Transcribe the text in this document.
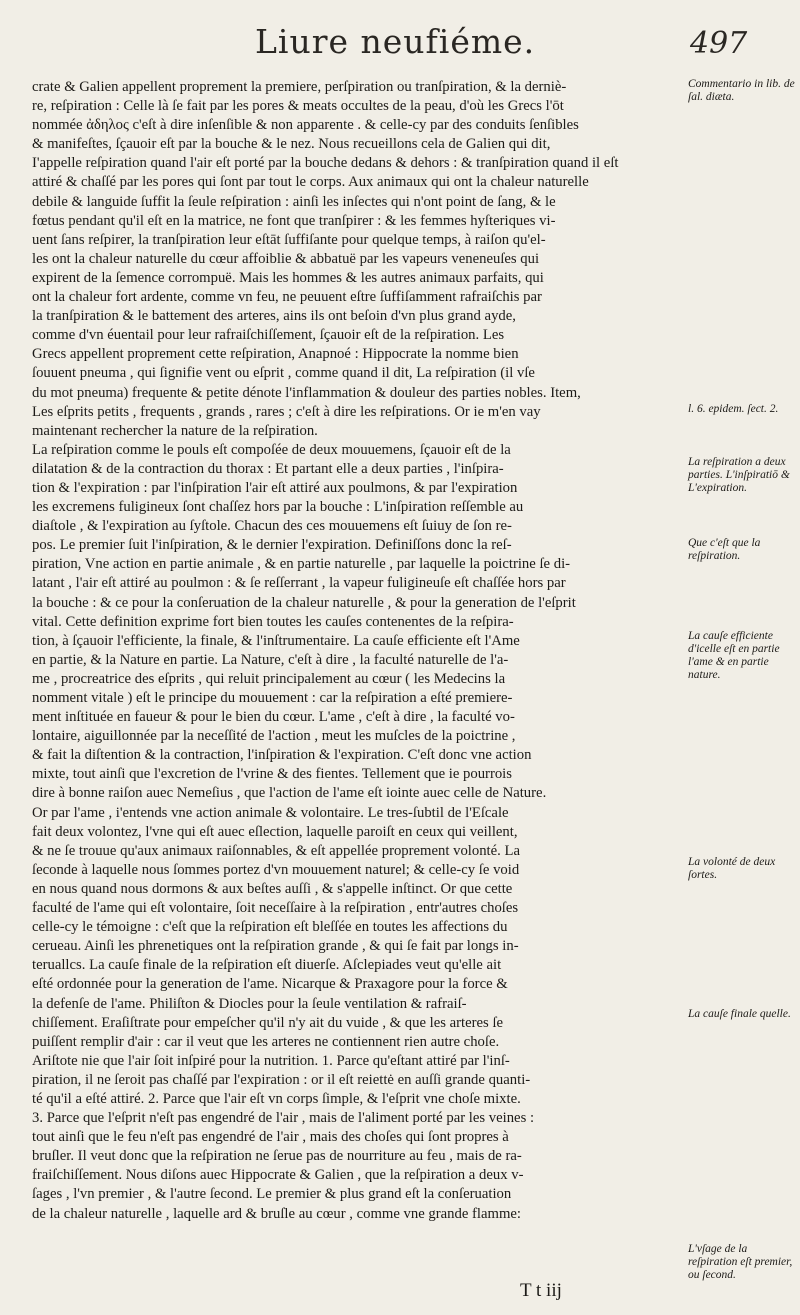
Liure neufiéme.	497
crate & Galien appellent proprement la premiere, perſpiration ou tranſpiration, & la derniè-
re, reſpiration : Celle là ſe fait par les pores & meats occultes de la peau, d'où les Grecs l'ōt
nommée ἀδηλος c'eſt à dire inſenſible & non apparente . & celle-cy par des conduits ſenſibles
& manifeſtes, ſçauoir eſt par la bouche & le nez. Nous recueillons cela de Galien qui dit,
I'appelle reſpiration quand l'air eſt porté par la bouche dedans & dehors : & tranſpiration quand il eſt
attiré & chaſſé par les pores qui ſont par tout le corps. Aux animaux qui ont la chaleur naturelle
debile & languide ſuffit la ſeule reſpiration : ainſi les inſectes qui n'ont point de ſang, & le
fœtus pendant qu'il eſt en la matrice, ne font que tranſpirer : & les femmes hyſteriques vi-
uent ſans reſpirer, la tranſpiration leur eſtāt ſuffiſante pour quelque temps, à raiſon qu'el-
les ont la chaleur naturelle du cœur affoiblie & abbatuë par les vapeurs veneneuſes qui
expirent de la ſemence corrompuë. Mais les hommes & les autres animaux parfaits, qui
ont la chaleur fort ardente, comme vn feu, ne peuuent eſtre ſuffiſamment rafraiſchis par
la tranſpiration & le battement des arteres, ains ils ont beſoin d'vn plus grand ayde,
comme d'vn éuentail pour leur rafraiſchiſſement, ſçauoir eſt de la reſpiration. Les
Grecs appellent proprement cette reſpiration, Anapnoé : Hippocrate la nomme bien
ſouuent pneuma , qui ſignifie vent ou eſprit , comme quand il dit, La reſpiration (il vſe
du mot pneuma) frequente & petite dénote l'inflammation & douleur des parties nobles. Item,
Les eſprits petits , frequents , grands , rares ; c'eſt à dire les reſpirations. Or ie m'en vay
maintenant rechercher la nature de la reſpiration.
La reſpiration comme le pouls eſt compoſée de deux mouuemens, ſçauoir eſt de la
dilatation & de la contraction du thorax : Et partant elle a deux parties , l'inſpira-
tion & l'expiration : par l'inſpiration l'air eſt attiré aux poulmons, & par l'expiration
les excremens fuligineux ſont chaſſez hors par la bouche : L'inſpiration reſſemble au
diaſtole , & l'expiration au ſyſtole. Chacun des ces mouuemens eſt ſuiuy de ſon re-
pos. Le premier ſuit l'inſpiration, & le dernier l'expiration. Definiſſons donc la reſ-
piration, Vne action en partie animale , & en partie naturelle , par laquelle la poictrine ſe di-
latant , l'air eſt attiré au poulmon : & ſe reſſerrant , la vapeur fuligineuſe eſt chaſſée hors par
la bouche : & ce pour la conſeruation de la chaleur naturelle , & pour la generation de l'eſprit
vital. Cette definition exprime fort bien toutes les cauſes contenentes de la reſpira-
tion, à ſçauoir l'efficiente, la finale, & l'inſtrumentaire. La cauſe efficiente eſt l'Ame
en partie, & la Nature en partie. La Nature, c'eſt à dire , la faculté naturelle de l'a-
me , procreatrice des eſprits , qui reluit principalement au cœur ( les Medecins la
nomment vitale ) eſt le principe du mouuement : car la reſpiration a eſté premiere-
ment inſtituée en faueur & pour le bien du cœur. L'ame , c'eſt à dire , la faculté vo-
lontaire, aiguillonnée par la neceſſité de l'action , meut les muſcles de la poictrine ,
& fait la diſtention & la contraction, l'inſpiration & l'expiration. C'eſt donc vne action
mixte, tout ainſi que l'excretion de l'vrine & des fientes. Tellement que ie pourrois
dire à bonne raiſon auec Nemeſius , que l'action de l'ame eſt iointe auec celle de Nature.
Or par l'ame , i'entends vne action animale & volontaire. Le tres-ſubtil de l'Eſcale
fait deux volontez, l'vne qui eſt auec eſlection, laquelle paroiſt en ceux qui veillent,
& ne ſe trouue qu'aux animaux raiſonnables, & eſt appellée proprement volonté. La
ſeconde à laquelle nous ſommes portez d'vn mouuement naturel; & celle-cy ſe void
en nous quand nous dormons & aux beſtes auſſi , & s'appelle inſtinct. Or que cette
faculté de l'ame qui eſt volontaire, ſoit neceſſaire à la reſpiration , entr'autres choſes
celle-cy le témoigne : c'eſt que la reſpiration eſt bleſſée en toutes les affections du
cerueau. Ainſi les phrenetiques ont la reſpiration grande , & qui ſe fait par longs in-
teruallcs. La cauſe finale de la reſpiration eſt diuerſe. Aſclepiades veut qu'elle ait
eſté ordonnée pour la generation de l'ame. Nicarque & Praxagore pour la force &
la defenſe de l'ame. Philiſton & Diocles pour la ſeule ventilation & rafraiſ-
chiſſement. Eraſiſtrate pour empeſcher qu'il n'y ait du vuide , & que les arteres ſe
puiſſent remplir d'air : car il veut que les arteres ne contiennent rien autre choſe.
Ariſtote nie que l'air ſoit inſpiré pour la nutrition. 1. Parce qu'eſtant attiré par l'inſ-
piration, il ne ſeroit pas chaſſé par l'expiration : or il eſt reiettė en auſſi grande quanti-
té qu'il a eſté attiré. 2. Parce que l'air eſt vn corps ſimple, & l'eſprit vne choſe mixte.
3. Parce que l'eſprit n'eſt pas engendré de l'air , mais de l'aliment porté par les veines :
tout ainſi que le feu n'eſt pas engendré de l'air , mais des choſes qui ſont propres à
bruſler. Il veut donc que la reſpiration ne ſerue pas de nourriture au feu , mais de ra-
fraiſchiſſement. Nous diſons auec Hippocrate & Galien , que la reſpiration a deux v-
ſages , l'vn premier , & l'autre ſecond. Le premier & plus grand eſt la conſeruation
de la chaleur naturelle , laquelle ard & bruſle au cœur , comme vne grande flamme:
Commentario in lib. de ſal. diæta.
l. 6. epidem. ſect. 2.
La reſpiration a deux parties. L'inſpiratiō & L'expiration.
Que c'eſt que la reſpiration.
La cauſe efficiente d'icelle eſt en partie l'ame & en partie nature.
La volonté de deux ſortes.
La cauſe finale quelle.
L'vſage de la reſpiration eſt premier, ou ſecond.
T t iij
